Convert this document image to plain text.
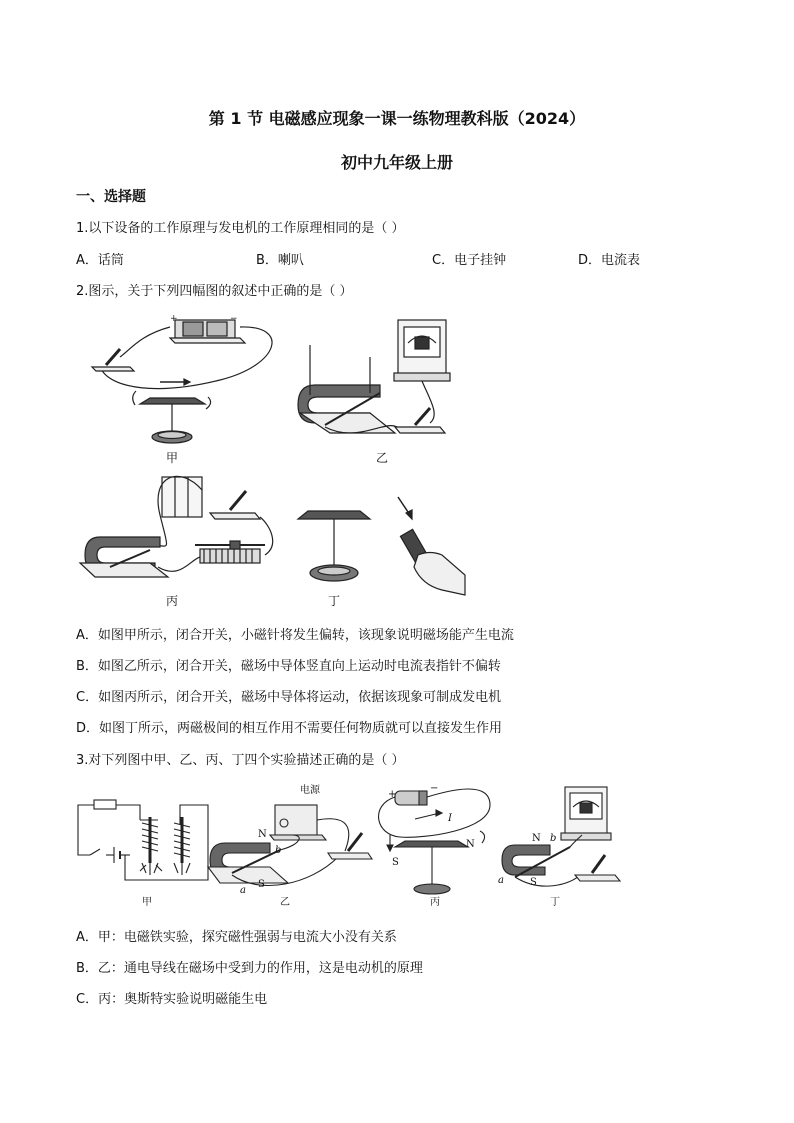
第 1 节 电磁感应现象一课一练物理教科版（2024）
初中九年级上册
一、选择题
1.以下设备的工作原理与发电机的工作原理相同的是（ ）
A．话筒	B．喇叭	C．电子挂钟	D．电流表
2.图示，关于下列四幅图的叙述中正确的是（ ）
+	−
甲	乙
丙	丁
A．如图甲所示，闭合开关，小磁针将发生偏转，该现象说明磁场能产生电流
B．如图乙所示，闭合开关，磁场中导体竖直向上运动时电流表指针不偏转
C．如图丙所示，闭合开关，磁场中导体将运动，依据该现象可制成发电机
D．如图丁所示，两磁极间的相互作用不需要任何物质就可以直接发生作用
3.对下列图中甲、乙、丙、丁四个实验描述正确的是（ ）
电源
N
S
a
b
+
−
I
S
N
N
S
a
b
甲	乙	丙	丁
A．甲：电磁铁实验，探究磁性强弱与电流大小没有关系
B．乙：通电导线在磁场中受到力的作用，这是电动机的原理
C．丙：奥斯特实验说明磁能生电
